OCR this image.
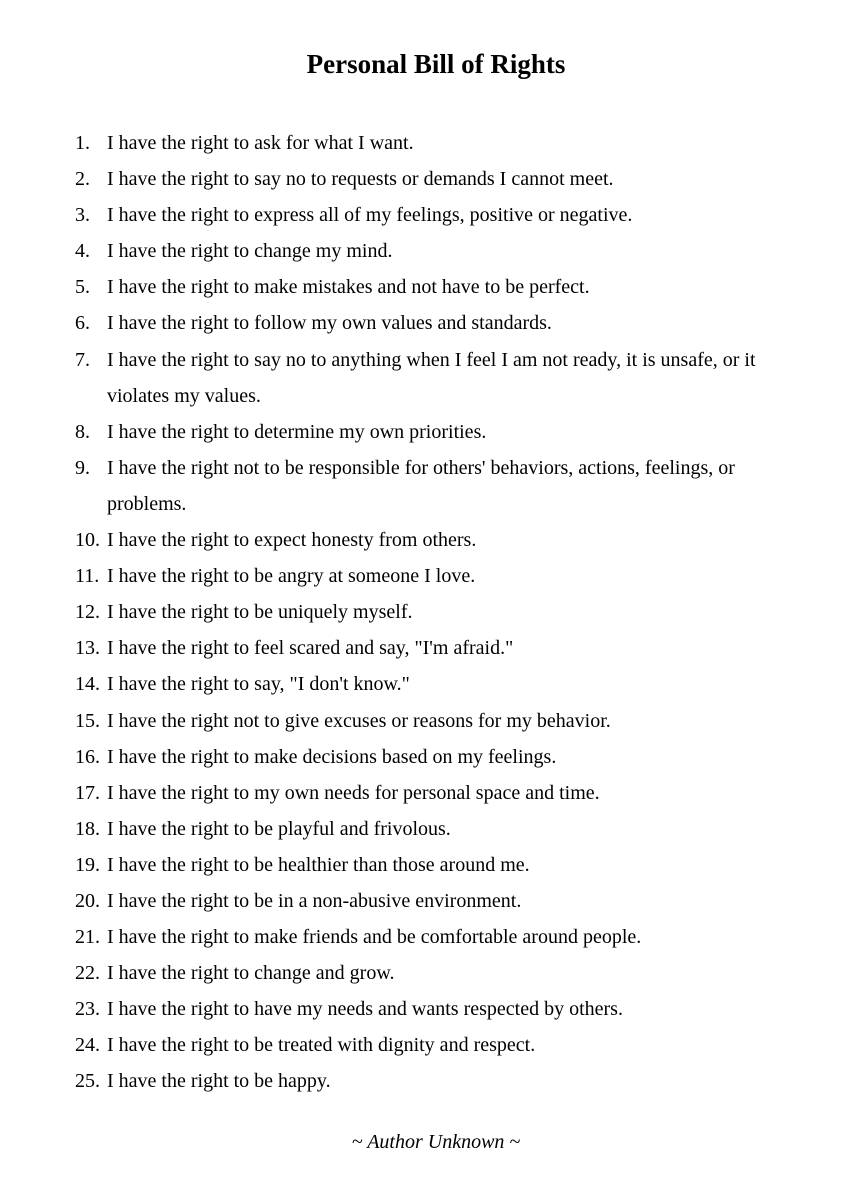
Personal Bill of Rights
1. I have the right to ask for what I want.
2. I have the right to say no to requests or demands I cannot meet.
3. I have the right to express all of my feelings, positive or negative.
4. I have the right to change my mind.
5. I have the right to make mistakes and not have to be perfect.
6. I have the right to follow my own values and standards.
7. I have the right to say no to anything when I feel I am not ready, it is unsafe, or it violates my values.
8. I have the right to determine my own priorities.
9. I have the right not to be responsible for others' behaviors, actions, feelings, or problems.
10. I have the right to expect honesty from others.
11. I have the right to be angry at someone I love.
12. I have the right to be uniquely myself.
13. I have the right to feel scared and say, "I'm afraid."
14. I have the right to say, "I don't know."
15. I have the right not to give excuses or reasons for my behavior.
16. I have the right to make decisions based on my feelings.
17. I have the right to my own needs for personal space and time.
18. I have the right to be playful and frivolous.
19. I have the right to be healthier than those around me.
20. I have the right to be in a non-abusive environment.
21. I have the right to make friends and be comfortable around people.
22. I have the right to change and grow.
23. I have the right to have my needs and wants respected by others.
24. I have the right to be treated with dignity and respect.
25. I have the right to be happy.
~ Author Unknown ~
